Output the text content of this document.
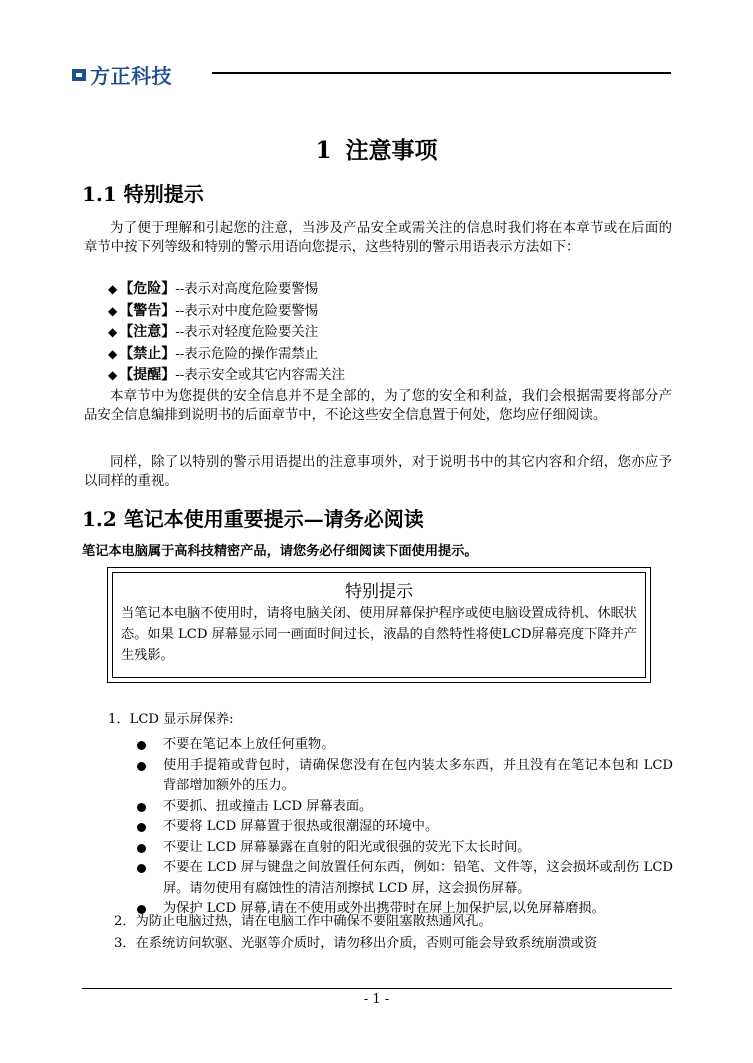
方正科技
1 注意事项
1.1 特别提示

为了便于理解和引起您的注意，当涉及产品安全或需关注的信息时我们将在本章节或在后面的章节中按下列等级和特别的警示用语向您提示，这些特别的警示用语表示方法如下：

◆ 【危险】--表示对高度危险要警惕
◆ 【警告】--表示对中度危险要警惕
◆ 【注意】--表示对轻度危险要关注
◆ 【禁止】--表示危险的操作需禁止
◆ 【提醒】--表示安全或其它内容需关注

本章节中为您提供的安全信息并不是全部的，为了您的安全和利益，我们会根据需要将部分产品安全信息编排到说明书的后面章节中，不论这些安全信息置于何处，您均应仔细阅读。

同样，除了以特别的警示用语提出的注意事项外，对于说明书中的其它内容和介绍，您亦应予以同样的重视。

1.2 笔记本使用重要提示—请务必阅读
笔记本电脑属于高科技精密产品，请您务必仔细阅读下面使用提示。
特别提示

当笔记本电脑不使用时，请将电脑关闭、使用屏幕保护程序或使电脑设置成待机、休眠状态。如果 LCD 屏幕显示同一画面时间过长，液晶的自然特性将使LCD屏幕亮度下降并产生残影。

1．LCD 显示屏保养:
不要在笔记本上放任何重物。
使用手提箱或背包时，请确保您没有在包内装太多东西，并且没有在笔记本包和 LCD 背部增加额外的压力。
不要抓、扭或撞击 LCD 屏幕表面。
不要将 LCD 屏幕置于很热或很潮湿的环境中。
不要让 LCD 屏幕暴露在直射的阳光或很强的荧光下太长时间。
不要在 LCD 屏与键盘之间放置任何东西，例如：铅笔、文件等，这会损坏或刮伤 LCD 屏。请勿使用有腐蚀性的清洁剂擦拭 LCD 屏，这会损伤屏幕。
为保护 LCD 屏幕,请在不使用或外出携带时在屏上加保护层,以免屏幕磨损。
2．为防止电脑过热，请在电脑工作中确保不要阻塞散热通风孔。
3．在系统访问软驱、光驱等介质时，请勿移出介质，否则可能会导致系统崩溃或资
- 1 -
